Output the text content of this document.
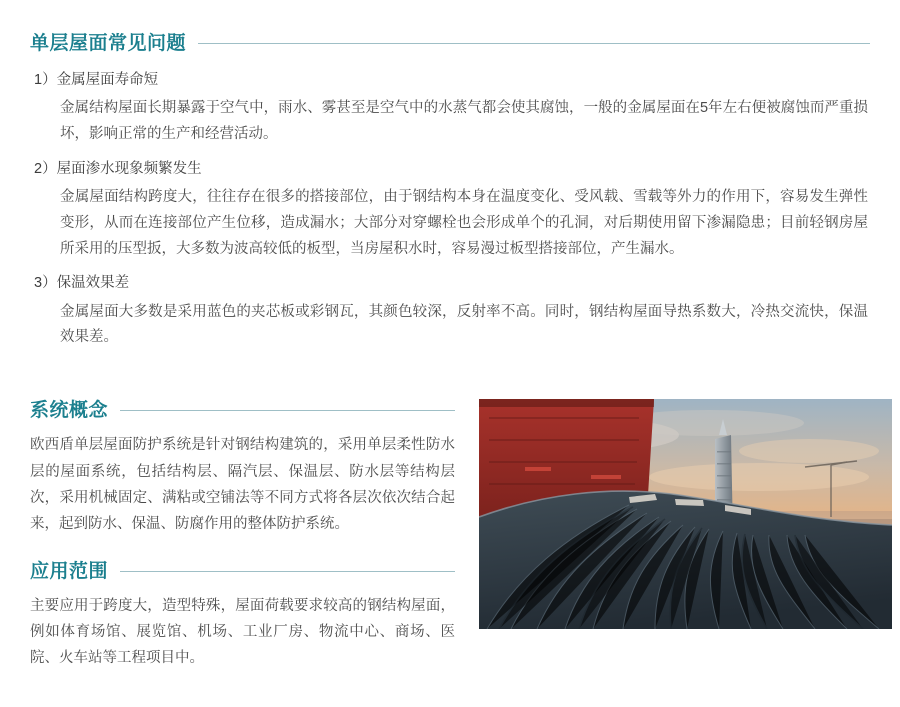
单层屋面常见问题
1）金属屋面寿命短
金属结构屋面长期暴露于空气中，雨水、雾甚至是空气中的水蒸气都会使其腐蚀，一般的金属屋面在5年左右便被腐蚀而严重损坏，影响正常的生产和经营活动。
2）屋面渗水现象频繁发生
金属屋面结构跨度大，往往存在很多的搭接部位，由于钢结构本身在温度变化、受风载、雪载等外力的作用下，容易发生弹性变形，从而在连接部位产生位移，造成漏水；大部分对穿螺栓也会形成单个的孔洞，对后期使用留下渗漏隐患；目前轻钢房屋所采用的压型扳，大多数为波高较低的板型，当房屋积水时，容易漫过板型搭接部位，产生漏水。
3）保温效果差
金属屋面大多数是采用蓝色的夹芯板或彩钢瓦，其颜色较深，反射率不高。同时，钢结构屋面导热系数大，冷热交流快，保温效果差。
系统概念
欧西盾单层屋面防护系统是针对钢结构建筑的，采用单层柔性防水层的屋面系统，包括结构层、隔汽层、保温层、防水层等结构层次，采用机械固定、满粘或空铺法等不同方式将各层次依次结合起来，起到防水、保温、防腐作用的整体防护系统。
应用范围
主要应用于跨度大，造型特殊，屋面荷载要求较高的钢结构屋面，例如体育场馆、展览馆、机场、工业厂房、物流中心、商场、医院、火车站等工程项目中。
